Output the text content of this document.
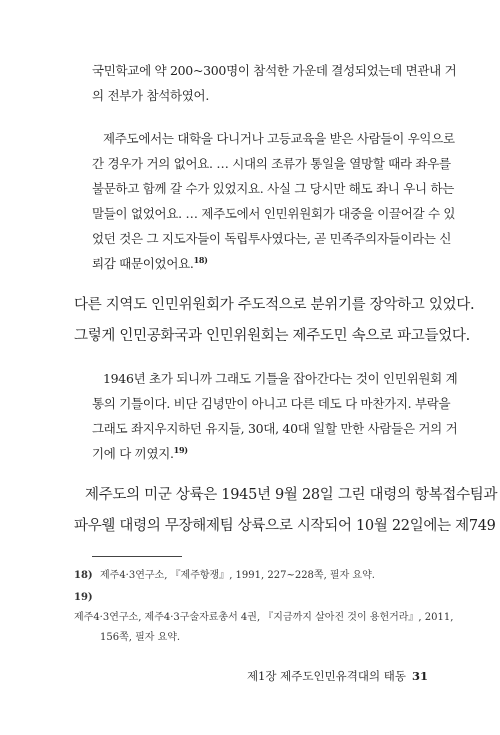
국민학교에 약 200~300명이 참석한 가운데 결성되었는데 면관내 거
의 전부가 참석하였어.
제주도에서는 대학을 다니거나 고등교육을 받은 사람들이 우익으로
간 경우가 거의 없어요. … 시대의 조류가 통일을 열망할 때라 좌우를
불문하고 함께 갈 수가 있었지요. 사실 그 당시만 해도 좌니 우니 하는
말들이 없었어요. … 제주도에서 인민위원회가 대중을 이끌어갈 수 있
었던 것은 그 지도자들이 독립투사였다는, 곧 민족주의자들이라는 신
뢰감 때문이었어요.$^{18)}$
다른 지역도 인민위원회가 주도적으로 분위기를 장악하고 있었다.
그렇게 인민공화국과 인민위원회는 제주도민 속으로 파고들었다.
1946년 초가 되니까 그래도 기틀을 잡아간다는 것이 인민위원회 계
통의 기틀이다. 비단 김녕만이 아니고 다른 데도 다 마찬가지. 부락을
그래도 좌지우지하던 유지들, 30대, 40대 일할 만한 사람들은 거의 거
기에 다 끼였지.$^{19)}$
제주도의 미군 상륙은 1945년 9월 28일 그린 대령의 항복접수팀과
파우웰 대령의 무장해제팀 상륙으로 시작되어 10월 22일에는 제749
18) 제주4·3연구소, 『제주항쟁』, 1991, 227~228쪽, 필자 요약.
19)제주4·3연구소, 제주4·3구술자료총서 4권, 『지금까지 살아진 것이 용헌거라』, 2011,
156쪽, 필자 요약.
제1장 제주도인민유격대의 태동 31
